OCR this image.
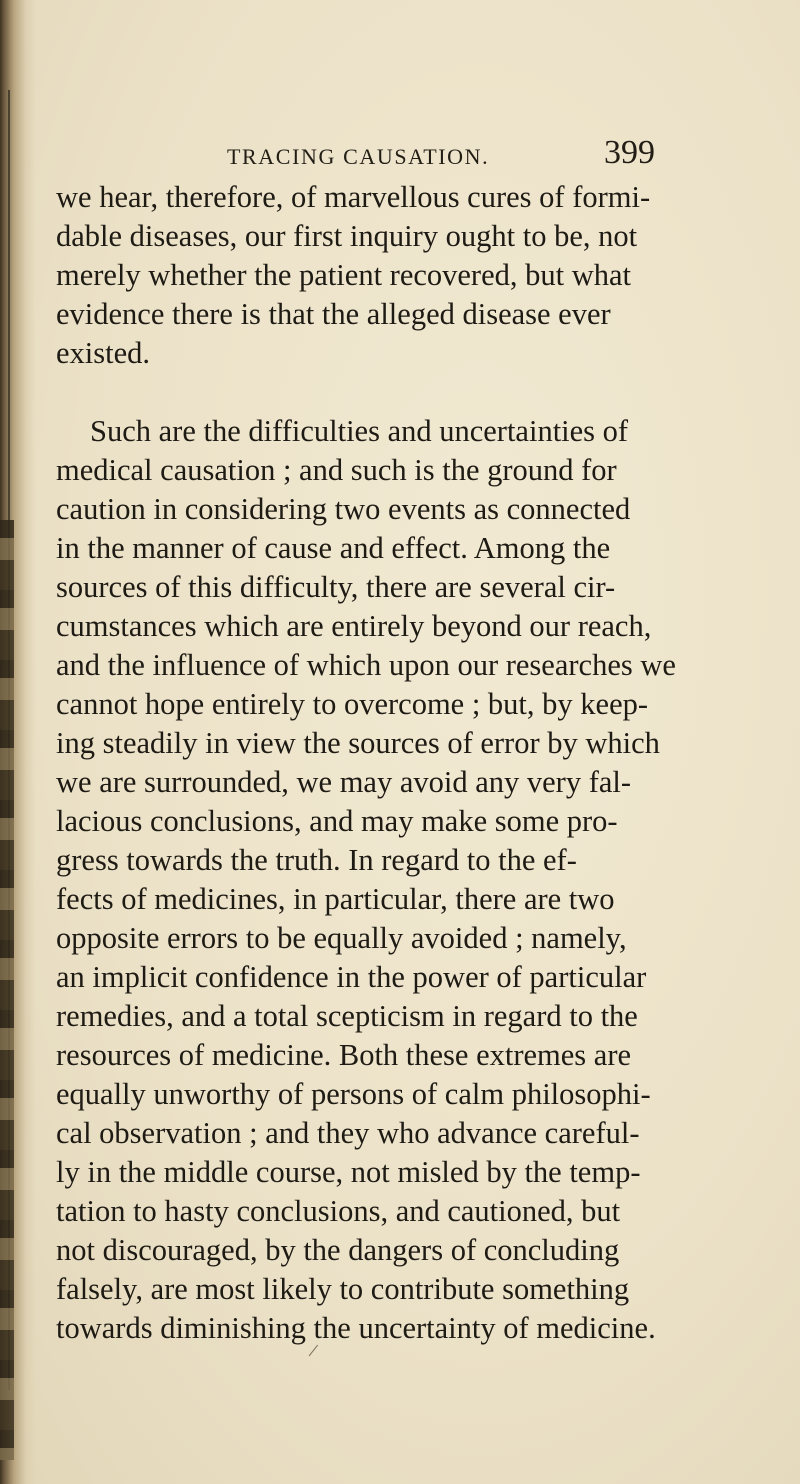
TRACING CAUSATION.	399
we hear, therefore, of marvellous cures of formi-
dable diseases, our first inquiry ought to be, not
merely whether the patient recovered, but what
evidence there is that the alleged disease ever
existed.
Such are the difficulties and uncertainties of
medical causation ; and such is the ground for
caution in considering two events as connected
in the manner of cause and effect. Among the
sources of this difficulty, there are several cir-
cumstances which are entirely beyond our reach,
and the influence of which upon our researches we
cannot hope entirely to overcome ; but, by keep-
ing steadily in view the sources of error by which
we are surrounded, we may avoid any very fal-
lacious conclusions, and may make some pro-
gress towards the truth. In regard to the ef-
fects of medicines, in particular, there are two
opposite errors to be equally avoided ; namely,
an implicit confidence in the power of particular
remedies, and a total scepticism in regard to the
resources of medicine. Both these extremes are
equally unworthy of persons of calm philosophi-
cal observation ; and they who advance careful-
ly in the middle course, not misled by the temp-
tation to hasty conclusions, and cautioned, but
not discouraged, by the dangers of concluding
falsely, are most likely to contribute something
towards diminishing the uncertainty of medicine.
